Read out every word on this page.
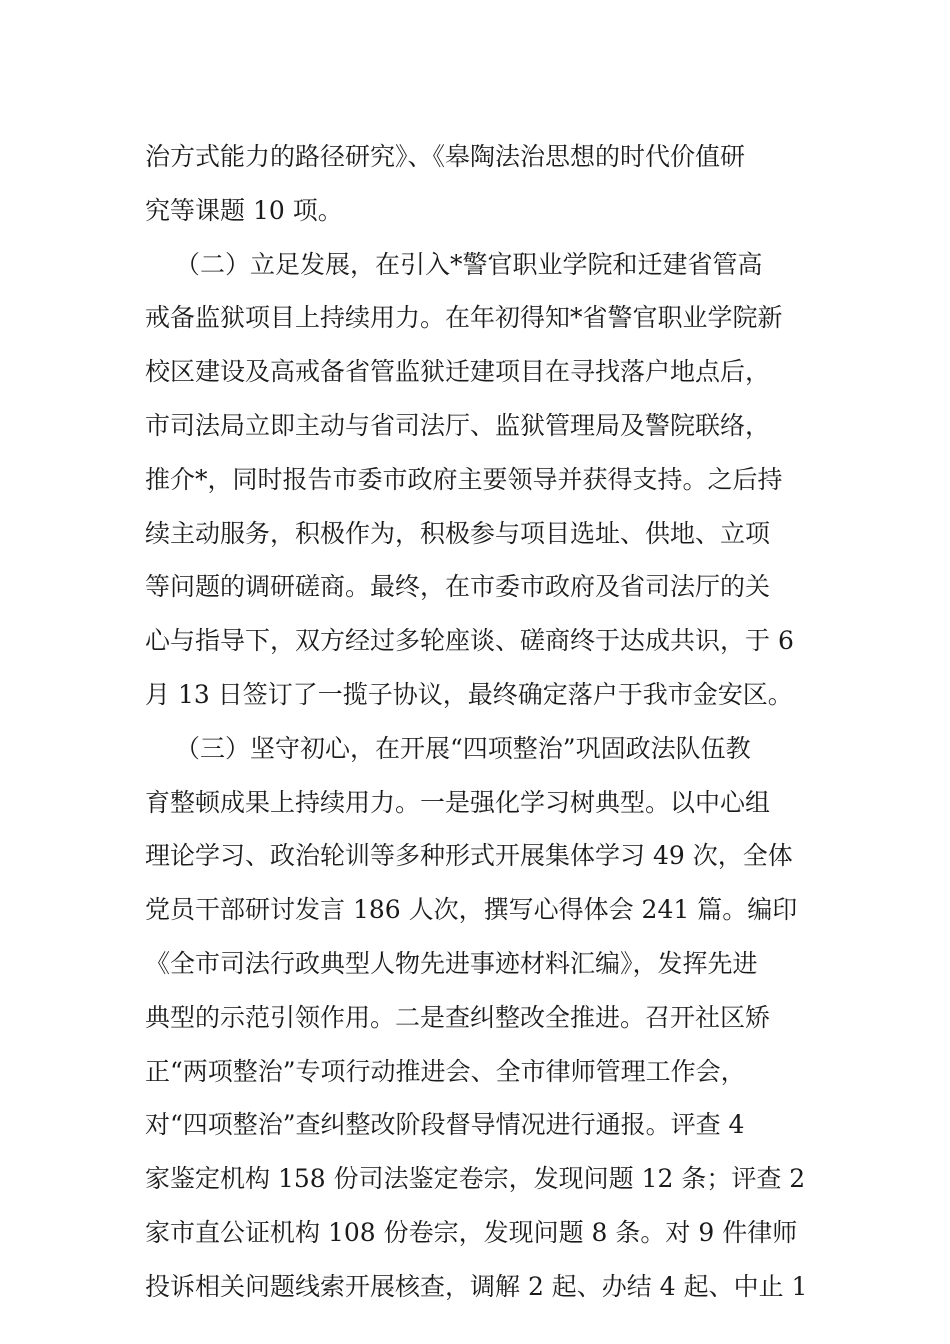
治方式能力的路径研究》、《皋陶法治思想的时代价值研
究等课题 10 项。
（二）立足发展，在引入*警官职业学院和迁建省管高
戒备监狱项目上持续用力。在年初得知*省警官职业学院新
校区建设及高戒备省管监狱迁建项目在寻找落户地点后，
市司法局立即主动与省司法厅、监狱管理局及警院联络，
推介*，同时报告市委市政府主要领导并获得支持。之后持
续主动服务，积极作为，积极参与项目选址、供地、立项
等问题的调研磋商。最终，在市委市政府及省司法厅的关
心与指导下，双方经过多轮座谈、磋商终于达成共识，于 6
月 13 日签订了一揽子协议，最终确定落户于我市金安区。
（三）坚守初心，在开展“四项整治”巩固政法队伍教
育整顿成果上持续用力。一是强化学习树典型。以中心组
理论学习、政治轮训等多种形式开展集体学习 49 次，全体
党员干部研讨发言 186 人次，撰写心得体会 241 篇。编印
《全市司法行政典型人物先进事迹材料汇编》，发挥先进
典型的示范引领作用。二是查纠整改全推进。召开社区矫
正“两项整治”专项行动推进会、全市律师管理工作会，
对“四项整治”查纠整改阶段督导情况进行通报。评查 4
家鉴定机构 158 份司法鉴定卷宗，发现问题 12 条；评查 2
家市直公证机构 108 份卷宗，发现问题 8 条。对 9 件律师
投诉相关问题线索开展核查，调解 2 起、办结 4 起、中止 1
